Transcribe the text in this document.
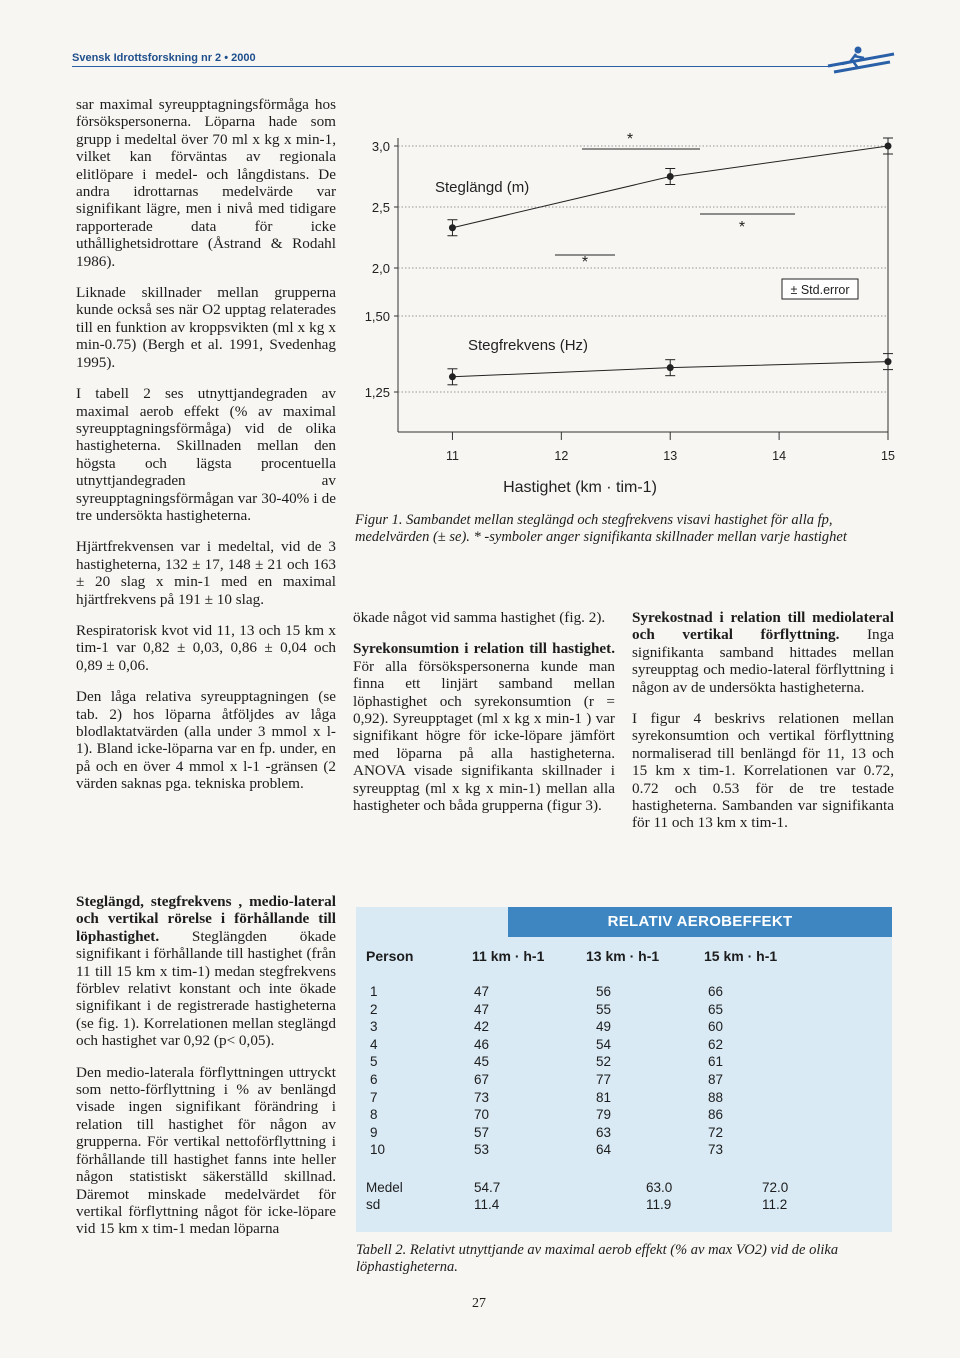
Svensk Idrottsforskning nr 2 • 2000

sar maximal syreupptagningsförmåga hos försökspersonerna. Löparna hade som grupp i medeltal över 70 ml x kg x min-1, vilket kan förväntas av regionala elitlöpare i medel- och långdistans. De andra idrottarnas medelvärde var signifikant lägre, men i nivå med tidigare rapporterade data för icke uthållighetsidrottare (Åstrand & Rodahl 1986).

Liknade skillnader mellan grupperna kunde också ses när O2 upptag relaterades till en funktion av kroppsvikten (ml x kg x min-0.75) (Bergh et al. 1991, Svedenhag 1995).

I tabell 2 ses utnyttjandegraden av maximal aerob effekt (% av maximal syreupptagningsförmåga) vid de olika hastigheterna. Skillnaden mellan den högsta och lägsta procentuella utnyttjandegraden av syreupptagningsförmågan var 30-40% i de tre undersökta hastigheterna.

Hjärtfrekvensen var i medeltal, vid de 3 hastigheterna, 132 ± 17, 148 ± 21 och 163 ± 20 slag x min-1 med en maximal hjärtfrekvens på 191 ± 10 slag.

Respiratorisk kvot vid 11, 13 och 15 km x tim-1 var 0,82 ± 0,03, 0,86 ± 0,04 och 0,89 ± 0,06.

Den låga relativa syreupptagningen (se tab. 2) hos löparna åtföljdes av låga blodlaktatvärden (alla under 3 mmol x l-1). Bland icke-löparna var en fp. under, en på och en över 4 mmol x l-1 -gränsen (2 värden saknas pga. tekniska problem.

Steglängd, stegfrekvens , medio-lateral och vertikal rörelse i förhållande till löphastighet. Steglängden ökade signifikant i förhållande till hastighet (från 11 till 15 km x tim-1) medan stegfrekvens förblev relativt konstant och inte ökade signifikant i de registrerade hastigheterna (se fig. 1). Korrelationen mellan steglängd och hastighet var 0,92 (p< 0,05).

Den medio-laterala förflyttningen uttryckt som netto-förflyttning i % av benlängd visade ingen signifikant förändring i relation till hastighet för någon av grupperna. För vertikal nettoförflyttning i förhållande till hastighet fanns inte heller någon statistiskt säkerställd skillnad. Däremot minskade medelvärdet för vertikal förflyttning något för icke-löpare vid 15 km x tim-1 medan löparna

3,0
2,5
2,0
1,50
1,25
11	12	13	14	15
Hastighet (km · tim-1)
Steglängd (m)
Stegfrekvens (Hz)
*
*
*
± Std.error
Figur 1. Sambandet mellan steglängd och stegfrekvens visavi hastighet för alla fp, medelvärden (± se). * -symboler anger signifikanta skillnader mellan varje hastighet

ökade något vid samma hastighet (fig. 2).

Syrekonsumtion i relation till hastighet. För alla försökspersonerna kunde man finna ett linjärt samband mellan löphastighet och syrekonsumtion (r = 0,92). Syreupptaget (ml x kg x min-1 ) var signifikant högre för icke-löpare jämfört med löparna på alla hastigheterna. ANOVA visade signifikanta skillnader i syreupptag (ml x kg x min-1) mellan alla hastigheter och båda grupperna (figur 3).

Syrekostnad i relation till mediolateral och vertikal förflyttning. Inga signifikanta samband hittades mellan syreupptag och medio-lateral förflyttning i någon av de undersökta hastigheterna.

I figur 4 beskrivs relationen mellan syrekonsumtion och vertikal förflyttning normaliserad till benlängd för 11, 13 och 15 km x tim-1. Korrelationen var 0.72, 0.72 och 0.53 för de tre testade hastigheterna. Sambanden var signifikanta för 11 och 13 km x tim-1.

RELATIV AEROBEFFEKT
Person	11 km · h-1	13 km · h-1	15 km · h-1
1	47	56	66
2	47	55	65
3	42	49	60
4	46	54	62
5	45	52	61
6	67	77	87
7	73	81	88
8	70	79	86
9	57	63	72
10	53	64	73
Medel	54.7	63.0	72.0
sd	11.4	11.9	11.2
Tabell 2. Relativt utnyttjande av maximal aerob effekt (% av max VO2) vid de olika löphastigheterna.
27
